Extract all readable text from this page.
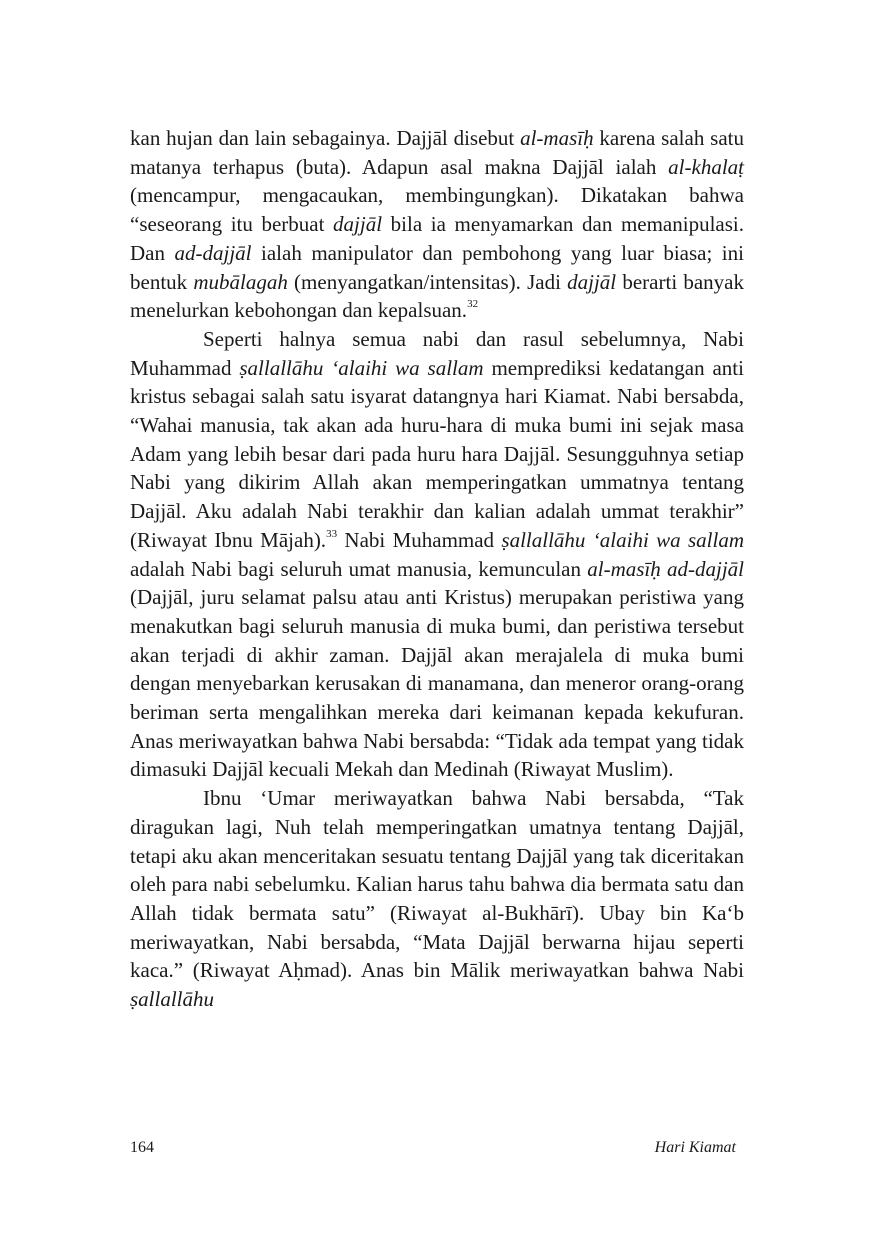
kan hujan dan lain sebagainya. Dajjāl disebut al-masīḥ karena salah satu matanya terhapus (buta). Adapun asal makna Dajjāl ialah al-khalaṭ (mencampur, mengacaukan, membingungkan). Dikatakan bahwa “seseorang itu berbuat dajjāl bila ia menyamarkan dan memanipulasi. Dan ad-dajjāl ialah manipulator dan pembohong yang luar biasa; ini bentuk mubālagah (menyangatkan/intensitas). Jadi dajjāl berarti banyak menelurkan kebohongan dan kepalsuan.$^{32}$

Seperti halnya semua nabi dan rasul sebelumnya, Nabi Muhammad ṣallallāhu ‘alaihi wa sallam memprediksi kedatangan anti kristus sebagai salah satu isyarat datangnya hari Kiamat. Nabi bersabda, “Wahai manusia, tak akan ada huru-hara di muka bumi ini sejak masa Adam yang lebih besar dari pada huru hara Dajjāl. Sesungguhnya setiap Nabi yang dikirim Allah akan memperingatkan ummatnya tentang Dajjāl. Aku adalah Nabi terakhir dan kalian adalah ummat terakhir” (Riwayat Ibnu Mājah).$^{33}$ Nabi Muhammad ṣallallāhu ‘alaihi wa sallam adalah Nabi bagi seluruh umat manusia, kemunculan al-masīḥ ad-dajjāl (Dajjāl, juru selamat palsu atau anti Kristus) merupakan peristiwa yang menakutkan bagi seluruh manusia di muka bumi, dan peristiwa tersebut akan terjadi di akhir zaman. Dajjāl akan merajalela di muka bumi dengan menyebarkan kerusakan di manamana, dan meneror orang-orang beriman serta mengalihkan mereka dari keimanan kepada kekufuran. Anas meriwayatkan bahwa Nabi bersabda: “Tidak ada tempat yang tidak dimasuki Dajjāl kecuali Mekah dan Medinah (Riwayat Muslim).

Ibnu ‘Umar meriwayatkan bahwa Nabi bersabda, “Tak diragukan lagi, Nuh telah memperingatkan umatnya tentang Dajjāl, tetapi aku akan menceritakan sesuatu tentang Dajjāl yang tak diceritakan oleh para nabi sebelumku. Kalian harus tahu bahwa dia bermata satu dan Allah tidak bermata satu” (Riwayat al-Bukhārī). Ubay bin Ka‘b meriwayatkan, Nabi bersabda, “Mata Dajjāl berwarna hijau seperti kaca.” (Riwayat Aḥmad). Anas bin Mālik meriwayatkan bahwa Nabi ṣallallāhu

164	Hari Kiamat
